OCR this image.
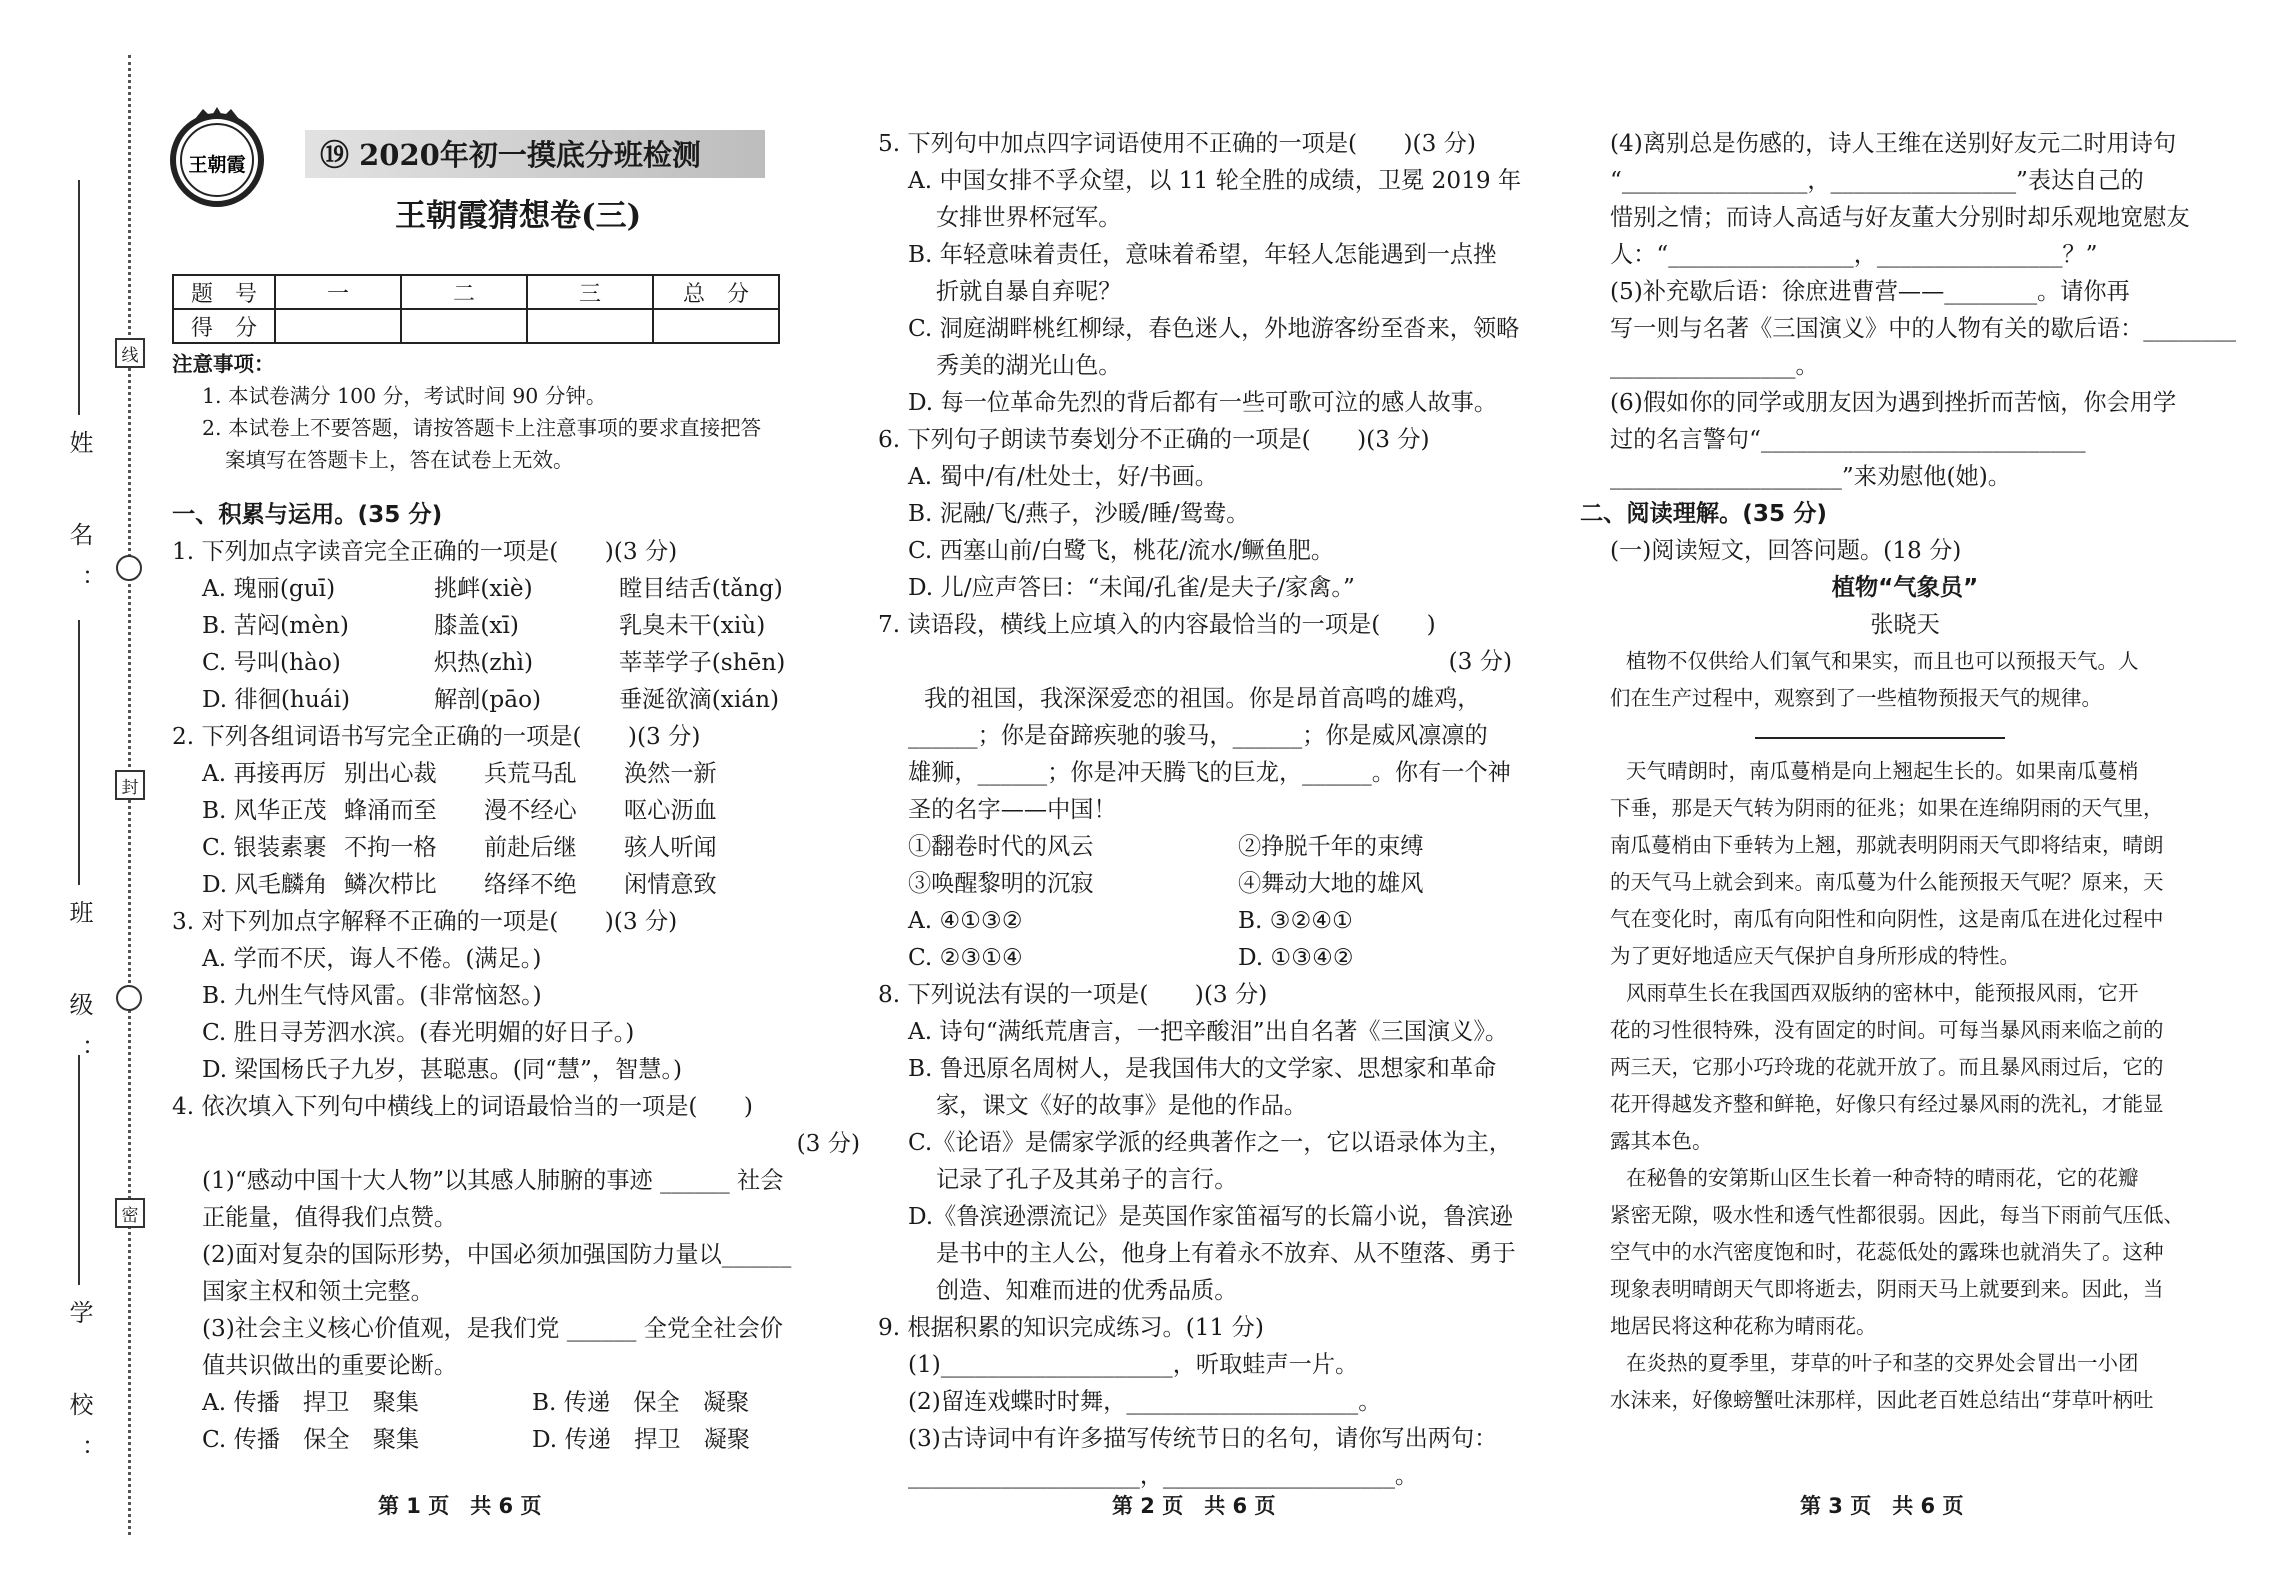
学　校：
班　级：
姓　名：
线
封
密
王朝霞	⑲ 2020年初一摸底分班检测
王朝霞猜想卷(三)
题　号	一	二	三	总　分
得　分				

注意事项：

1. 本试卷满分 100 分，考试时间 90 分钟。

2. 本试卷上不要答题，请按答题卡上注意事项的要求直接把答

案填写在答题卡上，答在试卷上无效。

一、积累与运用。(35 分)

1. 下列加点字读音完全正确的一项是(　　)(3 分)

A. 瑰丽(guī)	挑衅(xiè)	瞠目结舌(tǎng)

B. 苦闷(mèn)	膝盖(xī)	乳臭未干(xiù)

C. 号叫(hào)	炽热(zhì)	莘莘学子(shēn)

D. 徘徊(huái)	解剖(pāo)	垂涎欲滴(xián)

2. 下列各组词语书写完全正确的一项是(　　)(3 分)

A. 再接再厉 别出心裁	兵荒马乱	涣然一新

B. 风华正茂 蜂涌而至	漫不经心	呕心沥血

C. 银装素裹 不拘一格	前赴后继	骇人听闻

D. 风毛麟角 鳞次栉比	络绎不绝	闲情意致

3. 对下列加点字解释不正确的一项是(　　)(3 分)

A. 学而不厌，诲人不倦。(满足。)

B. 九州生气恃风雷。(非常恼怒。)

C. 胜日寻芳泗水滨。(春光明媚的好日子。)

D. 梁国杨氏子九岁，甚聪惠。(同“慧”，智慧。)

4. 依次填入下列句中横线上的词语最恰当的一项是(　　)

(3 分)

(1)“感动中国十大人物”以其感人肺腑的事迹 ______ 社会

正能量，值得我们点赞。

(2)面对复杂的国际形势，中国必须加强国防力量以______

国家主权和领土完整。

(3)社会主义核心价值观，是我们党 ______ 全党全社会价

值共识做出的重要论断。

A. 传播　捍卫　聚集	B. 传递　保全　凝聚

C. 传播　保全　聚集	D. 传递　捍卫　凝聚

5. 下列句中加点四字词语使用不正确的一项是(　　)(3 分)

A. 中国女排不孚众望，以 11 轮全胜的成绩，卫冕 2019 年

女排世界杯冠军。

B. 年轻意味着责任，意味着希望，年轻人怎能遇到一点挫

折就自暴自弃呢？

C. 洞庭湖畔桃红柳绿，春色迷人，外地游客纷至沓来，领略

秀美的湖光山色。

D. 每一位革命先烈的背后都有一些可歌可泣的感人故事。

6. 下列句子朗读节奏划分不正确的一项是(　　)(3 分)

A. 蜀中/有/杜处士，好/书画。

B. 泥融/飞/燕子，沙暖/睡/鸳鸯。

C. 西塞山前/白鹭飞，桃花/流水/鳜鱼肥。

D. 儿/应声答曰：“未闻/孔雀/是夫子/家禽。”

7. 读语段，横线上应填入的内容最恰当的一项是(　　)

(3 分)

我的祖国，我深深爱恋的祖国。你是昂首高鸣的雄鸡，

______；你是奋蹄疾驰的骏马，______；你是威风凛凛的

雄狮，______；你是冲天腾飞的巨龙，______。你有一个神

圣的名字——中国！

①翻卷时代的风云	②挣脱千年的束缚

③唤醒黎明的沉寂	④舞动大地的雄风

A. ④①③②	B. ③②④①

C. ②③①④	D. ①③④②

8. 下列说法有误的一项是(　　)(3 分)

A. 诗句“满纸荒唐言，一把辛酸泪”出自名著《三国演义》。

B. 鲁迅原名周树人，是我国伟大的文学家、思想家和革命

家，课文《好的故事》是他的作品。

C.《论语》是儒家学派的经典著作之一，它以语录体为主，

记录了孔子及其弟子的言行。

D.《鲁滨逊漂流记》是英国作家笛福写的长篇小说，鲁滨逊

是书中的主人公，他身上有着永不放弃、从不堕落、勇于

创造、知难而进的优秀品质。

9. 根据积累的知识完成练习。(11 分)

(1)____________________，听取蛙声一片。

(2)留连戏蝶时时舞，____________________。

(3)古诗词中有许多描写传统节日的名句，请你写出两句：

____________________，____________________。

(4)离别总是伤感的，诗人王维在送别好友元二时用诗句

“________________，________________”表达自己的

惜别之情；而诗人高适与好友董大分别时却乐观地宽慰友

人：“________________，________________？”

(5)补充歇后语：徐庶进曹营——________。请你再

写一则与名著《三国演义》中的人物有关的歇后语：________

________________。

(6)假如你的同学或朋友因为遇到挫折而苦恼，你会用学

过的名言警句“____________________________

____________________”来劝慰他(她)。

二、阅读理解。(35 分)

(一)阅读短文，回答问题。(18 分)

植物“气象员”

张晓天

植物不仅供给人们氧气和果实，而且也可以预报天气。人

们在生产过程中，观察到了一些植物预报天气的规律。

天气晴朗时，南瓜蔓梢是向上翘起生长的。如果南瓜蔓梢

下垂，那是天气转为阴雨的征兆；如果在连绵阴雨的天气里，

南瓜蔓梢由下垂转为上翘，那就表明阴雨天气即将结束，晴朗

的天气马上就会到来。南瓜蔓为什么能预报天气呢？原来，天

气在变化时，南瓜有向阳性和向阴性，这是南瓜在进化过程中

为了更好地适应天气保护自身所形成的特性。

风雨草生长在我国西双版纳的密林中，能预报风雨，它开

花的习性很特殊，没有固定的时间。可每当暴风雨来临之前的

两三天，它那小巧玲珑的花就开放了。而且暴风雨过后，它的

花开得越发齐整和鲜艳，好像只有经过暴风雨的洗礼，才能显

露其本色。

在秘鲁的安第斯山区生长着一种奇特的晴雨花，它的花瓣

紧密无隙，吸水性和透气性都很弱。因此，每当下雨前气压低、

空气中的水汽密度饱和时，花蕊低处的露珠也就消失了。这种

现象表明晴朗天气即将逝去，阴雨天马上就要到来。因此，当

地居民将这种花称为晴雨花。

在炎热的夏季里，芽草的叶子和茎的交界处会冒出一小团

水沫来，好像螃蟹吐沫那样，因此老百姓总结出“芽草叶柄吐

第 1 页　共 6 页	第 2 页　共 6 页	第 3 页　共 6 页
